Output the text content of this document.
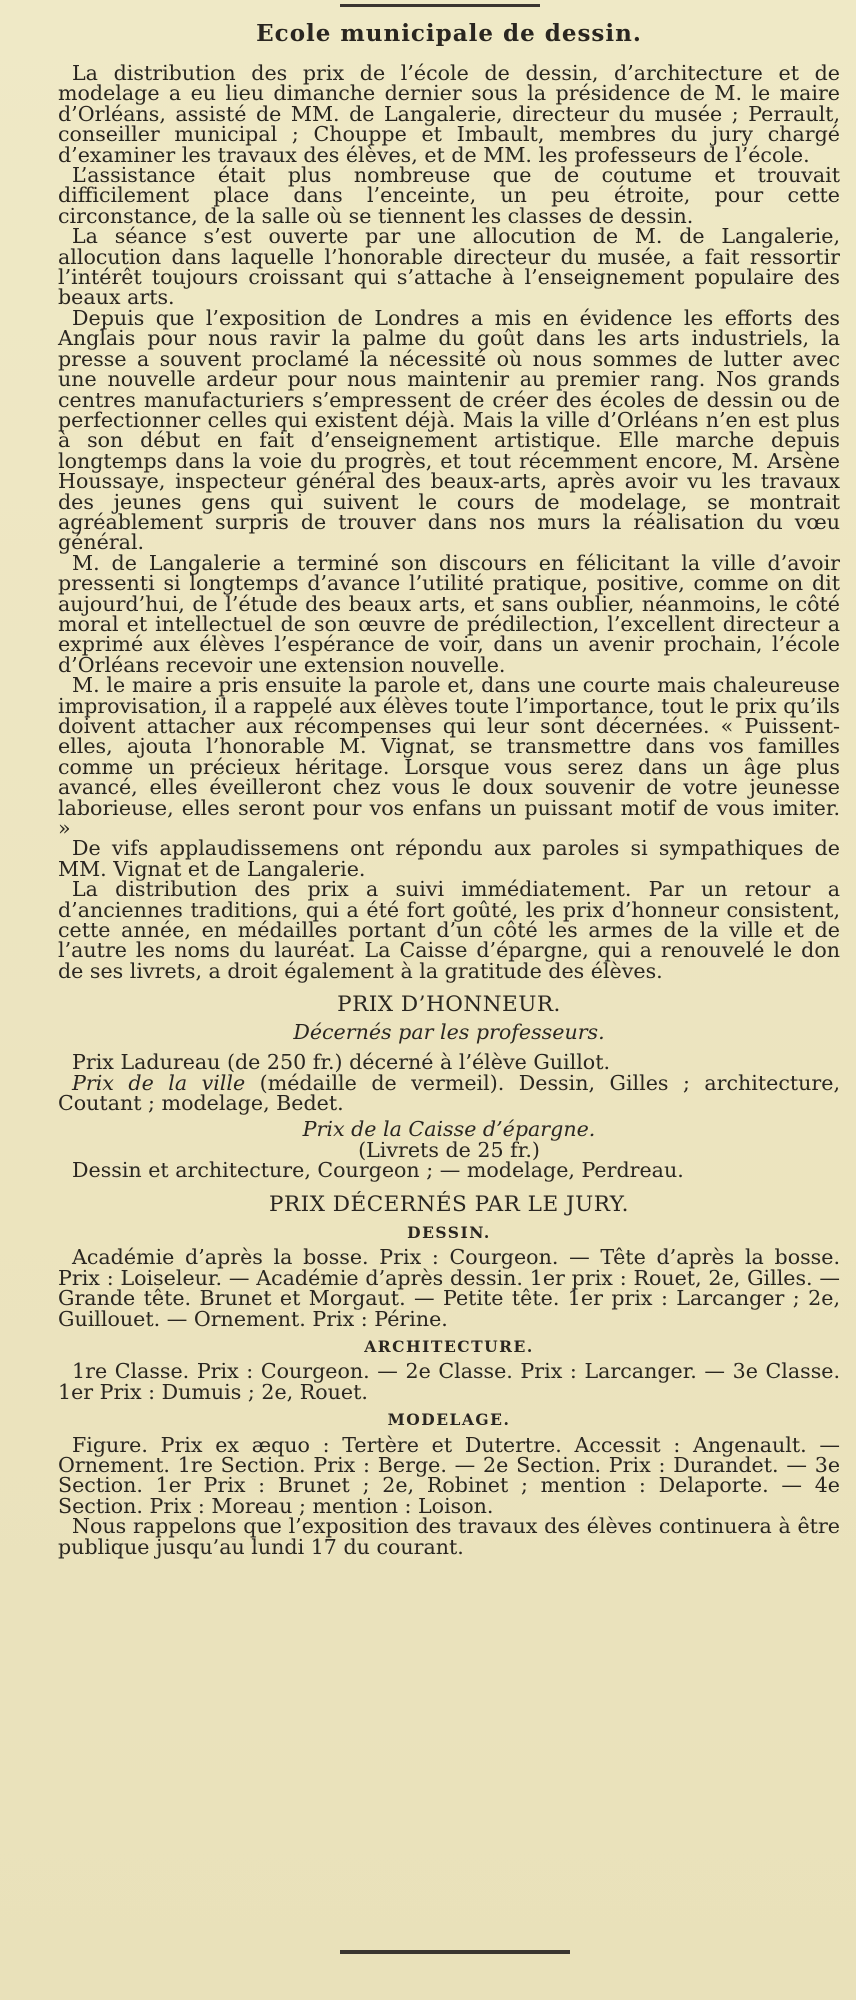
Ecole municipale de dessin.

La distribution des prix de l’école de dessin, d’architecture et de modelage a eu lieu dimanche dernier sous la présidence de M. le maire d’Orléans, assisté de MM. de Langalerie, directeur du musée ; Perrault, conseiller municipal ; Chouppe et Imbault, membres du jury chargé d’examiner les travaux des élèves, et de MM. les professeurs de l’école.

L’assistance était plus nombreuse que de coutume et trouvait difficilement place dans l’enceinte, un peu étroite, pour cette circonstance, de la salle où se tiennent les classes de dessin.

La séance s’est ouverte par une allocution de M. de Langalerie, allocution dans laquelle l’honorable directeur du musée, a fait ressortir l’intérêt toujours croissant qui s’attache à l’enseignement populaire des beaux arts.

Depuis que l’exposition de Londres a mis en évidence les efforts des Anglais pour nous ravir la palme du goût dans les arts industriels, la presse a souvent proclamé la nécessité où nous sommes de lutter avec une nouvelle ardeur pour nous maintenir au premier rang. Nos grands centres manufacturiers s’empressent de créer des écoles de dessin ou de perfectionner celles qui existent déjà. Mais la ville d’Orléans n’en est plus à son début en fait d’enseignement artistique. Elle marche depuis longtemps dans la voie du progrès, et tout récemment encore, M. Arsène Houssaye, inspecteur général des beaux-arts, après avoir vu les travaux des jeunes gens qui suivent le cours de modelage, se montrait agréablement surpris de trouver dans nos murs la réalisation du vœu général.

M. de Langalerie a terminé son discours en félicitant la ville d’avoir pressenti si longtemps d’avance l’utilité pratique, positive, comme on dit aujourd’hui, de l’étude des beaux arts, et sans oublier, néanmoins, le côté moral et intellectuel de son œuvre de prédilection, l’excellent directeur a exprimé aux élèves l’espérance de voir, dans un avenir prochain, l’école d’Orléans recevoir une extension nouvelle.

M. le maire a pris ensuite la parole et, dans une courte mais chaleureuse improvisation, il a rappelé aux élèves toute l’importance, tout le prix qu’ils doivent attacher aux récompenses qui leur sont décernées. « Puissent-elles, ajouta l’honorable M. Vignat, se transmettre dans vos familles comme un précieux héritage. Lorsque vous serez dans un âge plus avancé, elles éveilleront chez vous le doux souvenir de votre jeunesse laborieuse, elles seront pour vos enfans un puissant motif de vous imiter. »

De vifs applaudissemens ont répondu aux paroles si sympathiques de MM. Vignat et de Langalerie.

La distribution des prix a suivi immédiatement. Par un retour a d’anciennes traditions, qui a été fort goûté, les prix d’honneur consistent, cette année, en médailles portant d’un côté les armes de la ville et de l’autre les noms du lauréat. La Caisse d’épargne, qui a renouvelé le don de ses livrets, a droit également à la gratitude des élèves.

PRIX D’HONNEUR.

Décernés par les professeurs.

Prix Ladureau (de 250 fr.) décerné à l’élève Guillot.

Prix de la ville (médaille de vermeil). Dessin, Gilles ; architecture, Coutant ; modelage, Bedet.

Prix de la Caisse d’épargne.

(Livrets de 25 fr.)

Dessin et architecture, Courgeon ; — modelage, Perdreau.

PRIX DÉCERNÉS PAR LE JURY.

DESSIN.

Académie d’après la bosse. Prix : Courgeon. — Tête d’après la bosse. Prix : Loiseleur. — Académie d’après dessin. 1er prix : Rouet, 2e, Gilles. — Grande tête. Brunet et Morgaut. — Petite tête. 1er prix : Larcanger ; 2e, Guillouet. — Ornement. Prix : Périne.

ARCHITECTURE.

1re Classe. Prix : Courgeon. — 2e Classe. Prix : Larcanger. — 3e Classe. 1er Prix : Dumuis ; 2e, Rouet.

MODELAGE.

Figure. Prix ex æquo : Tertère et Dutertre. Accessit : Angenault. — Ornement. 1re Section. Prix : Berge. — 2e Section. Prix : Durandet. — 3e Section. 1er Prix : Brunet ; 2e, Robinet ; mention : Delaporte. — 4e Section. Prix : Moreau ; mention : Loison.

Nous rappelons que l’exposition des travaux des élèves continuera à être publique jusqu’au lundi 17 du courant.
